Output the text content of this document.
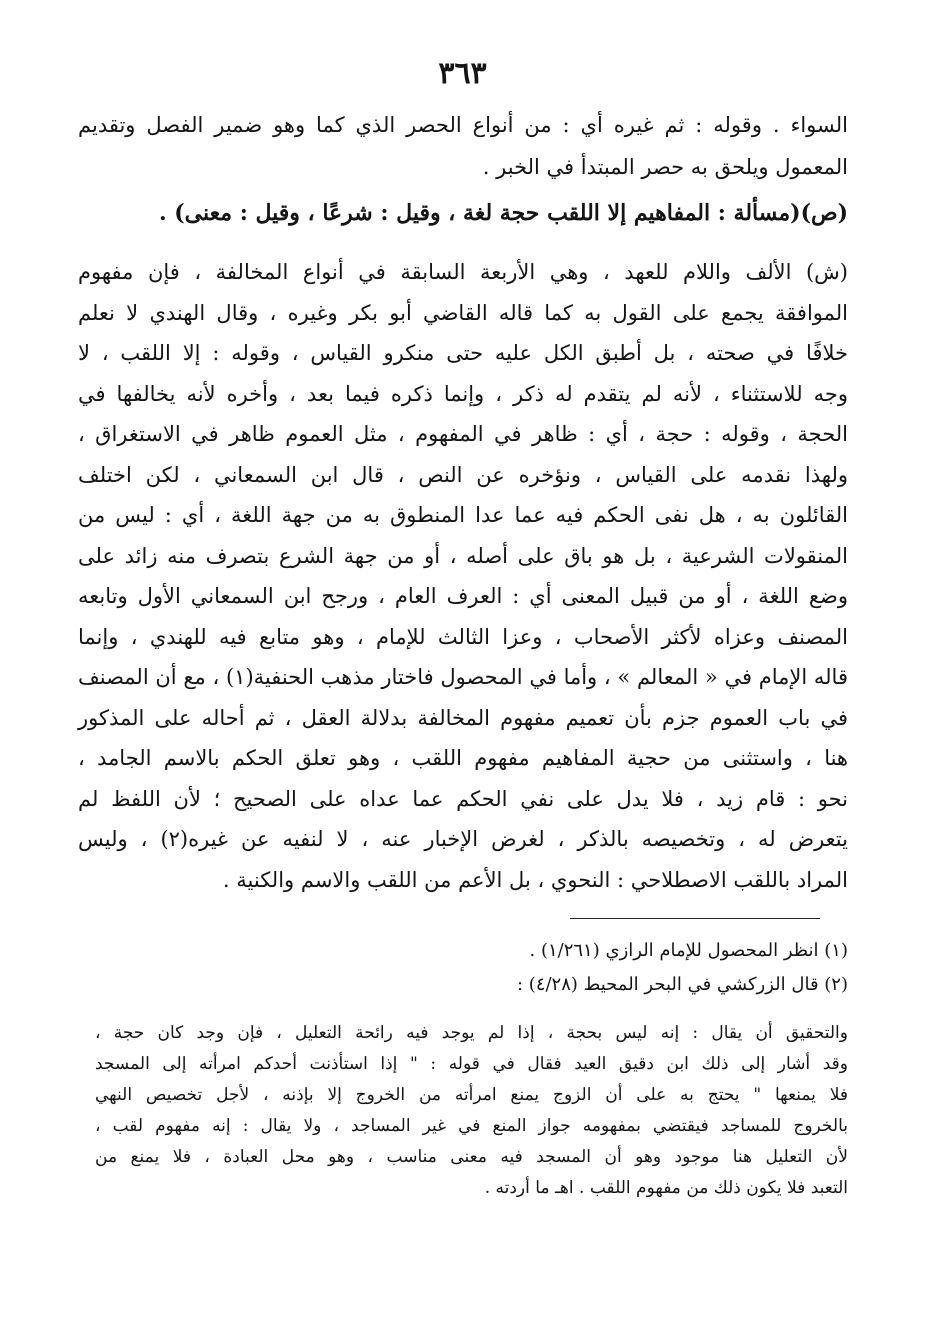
٣٦٣
السواء . وقوله : ثم غيره أي : من أنواع الحصر الذي كما وهو ضمير الفصل وتقديم
المعمول ويلحق به حصر المبتدأ في الخبر .
(ص)(مسألة : المفاهيم إلا اللقب حجة لغة ، وقيل : شرعًا ، وقيل : معنى) .
(ش) الألف واللام للعهد ، وهي الأربعة السابقة في أنواع المخالفة ، فإن مفهوم
الموافقة يجمع على القول به كما قاله القاضي أبو بكر وغيره ، وقال الهندي لا نعلم
خلافًا في صحته ، بل أطبق الكل عليه حتى منكرو القياس ، وقوله : إلا اللقب ، لا
وجه للاستثناء ، لأنه لم يتقدم له ذكر ، وإنما ذكره فيما بعد ، وأخره لأنه يخالفها في
الحجة ، وقوله : حجة ، أي : ظاهر في المفهوم ، مثل العموم ظاهر في الاستغراق ،
ولهذا نقدمه على القياس ، ونؤخره عن النص ، قال ابن السمعاني ، لكن اختلف
القائلون به ، هل نفى الحكم فيه عما عدا المنطوق به من جهة اللغة ، أي : ليس من
المنقولات الشرعية ، بل هو باق على أصله ، أو من جهة الشرع بتصرف منه زائد على
وضع اللغة ، أو من قبيل المعنى أي : العرف العام ، ورجح ابن السمعاني الأول وتابعه
المصنف وعزاه لأكثر الأصحاب ، وعزا الثالث للإمام ، وهو متابع فيه للهندي ، وإنما
قاله الإمام في « المعالم » ، وأما في المحصول فاختار مذهب الحنفية(١) ، مع أن المصنف
في باب العموم جزم بأن تعميم مفهوم المخالفة بدلالة العقل ، ثم أحاله على المذكور
هنا ، واستثنى من حجية المفاهيم مفهوم اللقب ، وهو تعلق الحكم بالاسم الجامد ،
نحو : قام زيد ، فلا يدل على نفي الحكم عما عداه على الصحيح ؛ لأن اللفظ لم
يتعرض له ، وتخصيصه بالذكر ، لغرض الإخبار عنه ، لا لنفيه عن غيره(٢) ، وليس
المراد باللقب الاصطلاحي : النحوي ، بل الأعم من اللقب والاسم والكنية .
(١) انظر المحصول للإمام الرازي (١/٢٦١) .
(٢) قال الزركشي في البحر المحيط (٤/٢٨) :
والتحقيق أن يقال : إنه ليس بحجة ، إذا لم يوجد فيه رائحة التعليل ، فإن وجد كان حجة ،
وقد أشار إلى ذلك ابن دقيق العيد فقال في قوله : " إذا استأذنت أحدكم امرأته إلى المسجد
فلا يمنعها " يحتج به على أن الزوج يمنع امرأته من الخروج إلا بإذنه ، لأجل تخصيص النهي
بالخروج للمساجد فيقتضي بمفهومه جواز المنع في غير المساجد ، ولا يقال : إنه مفهوم لقب ،
لأن التعليل هنا موجود وهو أن المسجد فيه معنى مناسب ، وهو محل العبادة ، فلا يمنع من
التعبد فلا يكون ذلك من مفهوم اللقب . اهـ ما أردته .
